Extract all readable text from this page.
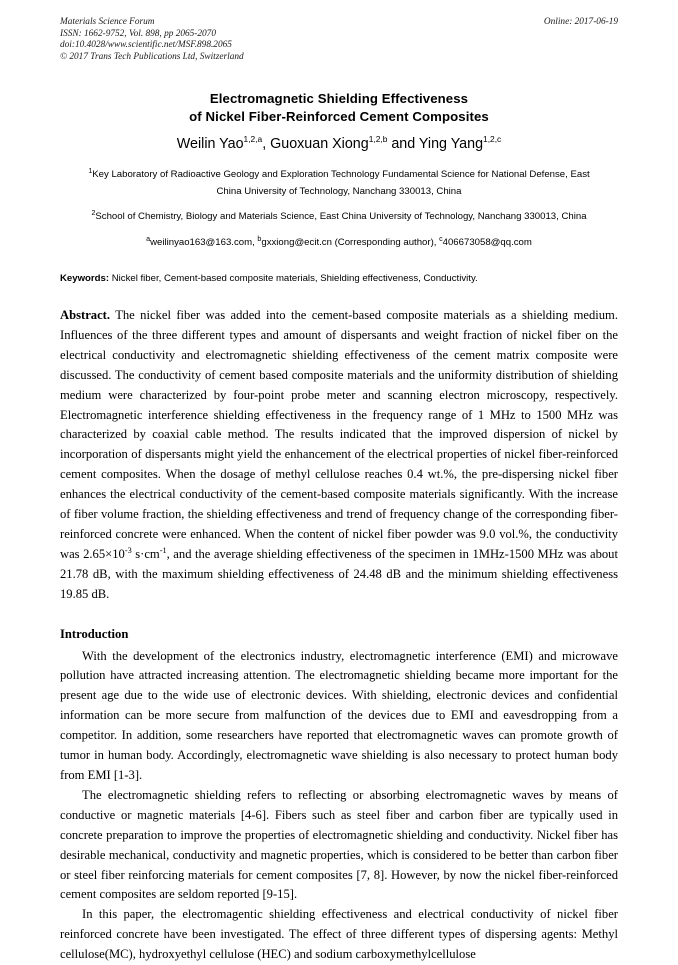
Materials Science Forum
ISSN: 1662-9752, Vol. 898, pp 2065-2070
doi:10.4028/www.scientific.net/MSF.898.2065
© 2017 Trans Tech Publications Ltd, Switzerland
Online: 2017-06-19
Electromagnetic Shielding Effectiveness
of Nickel Fiber-Reinforced Cement Composites
Weilin Yao$^{1,2,a}$, Guoxuan Xiong$^{1,2,b}$ and Ying Yang$^{1,2,c}$
$^1$Key Laboratory of Radioactive Geology and Exploration Technology Fundamental Science for National Defense, East China University of Technology, Nanchang 330013, China
$^2$School of Chemistry, Biology and Materials Science, East China University of Technology, Nanchang 330013, China
$^a$weilinyao163@163.com, $^b$gxxiong@ecit.cn (Corresponding author), $^c$406673058@qq.com
Keywords: Nickel fiber, Cement-based composite materials, Shielding effectiveness, Conductivity.
Abstract. The nickel fiber was added into the cement-based composite materials as a shielding medium. Influences of the three different types and amount of dispersants and weight fraction of nickel fiber on the electrical conductivity and electromagnetic shielding effectiveness of the cement matrix composite were discussed. The conductivity of cement based composite materials and the uniformity distribution of shielding medium were characterized by four-point probe meter and scanning electron microscopy, respectively. Electromagnetic interference shielding effectiveness in the frequency range of 1 MHz to 1500 MHz was characterized by coaxial cable method. The results indicated that the improved dispersion of nickel by incorporation of dispersants might yield the enhancement of the electrical properties of nickel fiber-reinforced cement composites. When the dosage of methyl cellulose reaches 0.4 wt.%, the pre-dispersing nickel fiber enhances the electrical conductivity of the cement-based composite materials significantly. With the increase of fiber volume fraction, the shielding effectiveness and trend of frequency change of the corresponding fiber-reinforced concrete were enhanced. When the content of nickel fiber powder was 9.0 vol.%, the conductivity was $2.65\times 10^{-3}$ $s\cdot cm^{-1}$, and the average shielding effectiveness of the specimen in 1MHz-1500 MHz was about 21.78 dB, with the maximum shielding effectiveness of 24.48 dB and the minimum shielding effectiveness 19.85 dB.
Introduction
With the development of the electronics industry, electromagnetic interference (EMI) and microwave pollution have attracted increasing attention. The electromagnetic shielding became more important for the present age due to the wide use of electronic devices. With shielding, electronic devices and confidential information can be more secure from malfunction of the devices due to EMI and eavesdropping from a competitor. In addition, some researchers have reported that electromagnetic waves can promote growth of tumor in human body. Accordingly, electromagnetic wave shielding is also necessary to protect human body from EMI [1-3].
The electromagnetic shielding refers to reflecting or absorbing electromagnetic waves by means of conductive or magnetic materials [4-6]. Fibers such as steel fiber and carbon fiber are typically used in concrete preparation to improve the properties of electromagnetic shielding and conductivity. Nickel fiber has desirable mechanical, conductivity and magnetic properties, which is considered to be better than carbon fiber or steel fiber reinforcing materials for cement composites [7, 8]. However, by now the nickel fiber-reinforced cement composites are seldom reported [9-15].
In this paper, the electromagentic shielding effectiveness and electrical conductivity of nickel fiber reinforced concrete have been investigated. The effect of three different types of dispersing agents: Methyl cellulose(MC), hydroxyethyl cellulose (HEC) and sodium carboxymethylcellulose
